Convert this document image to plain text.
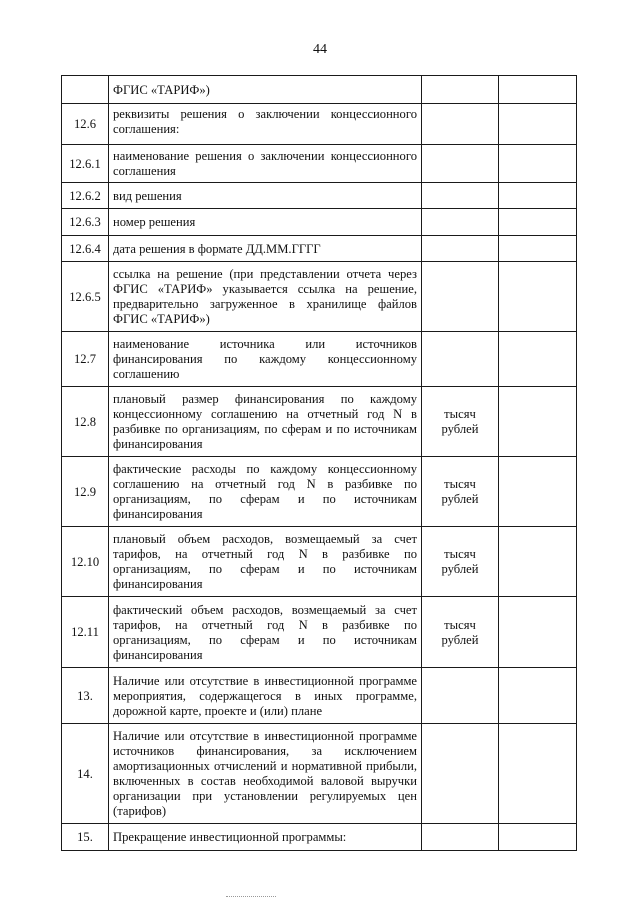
44
	ФГИС «ТАРИФ»)		
12.6	реквизиты решения о заключении концессионного соглашения:		
12.6.1	наименование решения о заключении концессионного соглашения		
12.6.2	вид решения		
12.6.3	номер решения		
12.6.4	дата решения в формате ДД.ММ.ГГГГ		
12.6.5	ссылка на решение (при представлении отчета через ФГИС «ТАРИФ» указывается ссылка на решение, предварительно загруженное в хранилище файлов ФГИС «ТАРИФ»)		
12.7	наименование источника или источников финансирования по каждому концессионному соглашению		
12.8	плановый размер финансирования по каждому концессионному соглашению на отчетный год N в разбивке по организациям, по сферам и по источникам финансирования	тысяч рублей	
12.9	фактические расходы по каждому концессионному соглашению на отчетный год N в разбивке по организациям, по сферам и по источникам финансирования	тысяч рублей	
12.10	плановый объем расходов, возмещаемый за счет тарифов, на отчетный год N в разбивке по организациям, по сферам и по источникам финансирования	тысяч рублей	
12.11	фактический объем расходов, возмещаемый за счет тарифов, на отчетный год N в разбивке по организациям, по сферам и по источникам финансирования	тысяч рублей	
13.	Наличие или отсутствие в инвестиционной программе мероприятия, содержащегося в иных программе, дорожной карте, проекте и (или) плане		
14.	Наличие или отсутствие в инвестиционной программе источников финансирования, за исключением амортизационных отчислений и нормативной прибыли, включенных в состав необходимой валовой выручки организации при установлении регулируемых цен (тарифов)		
15.	Прекращение инвестиционной программы:		
